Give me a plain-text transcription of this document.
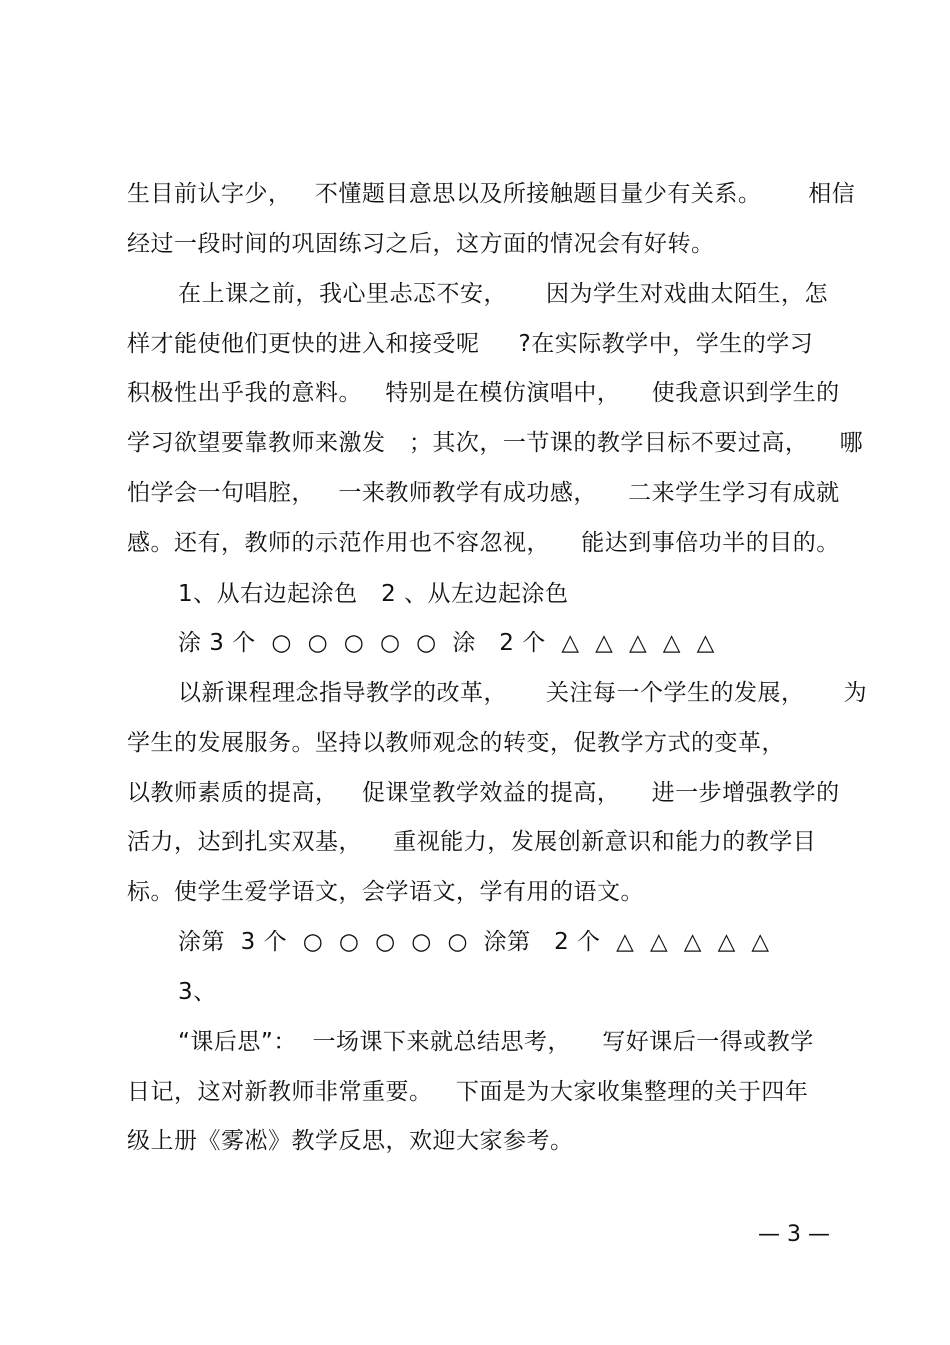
生目前认字少，   不懂题目意思以及所接触题目量少有关系。      相信
经过一段时间的巩固练习之后，这方面的情况会有好转。
在上课之前，我心里忐忑不安，     因为学生对戏曲太陌生，怎
样才能使他们更快的进入和接受呢     ?在实际教学中，学生的学习
积极性出乎我的意料。   特别是在模仿演唱中，    使我意识到学生的
学习欲望要靠教师来激发   ；其次，一节课的教学目标不要过高，    哪
怕学会一句唱腔，   一来教师教学有成功感，    二来学生学习有成就
感。还有，教师的示范作用也不容忽视，    能达到事倍功半的目的。
1、从右边起涂色   2 、从左边起涂色
涂 3 个  ○  ○  ○  ○  ○  涂   2 个  △  △  △  △  △
以新课程理念指导教学的改革，     关注每一个学生的发展，     为
学生的发展服务。坚持以教师观念的转变，促教学方式的变革，
以教师素质的提高，   促课堂教学效益的提高，    进一步增强教学的
活力，达到扎实双基，    重视能力，发展创新意识和能力的教学目
标。使学生爱学语文，会学语文，学有用的语文。
涂第  3 个  ○  ○  ○  ○  ○  涂第   2 个  △  △  △  △  △
3、
“课后思”：  一场课下来就总结思考，    写好课后一得或教学
日记，这对新教师非常重要。   下面是为大家收集整理的关于四年
级上册《雾凇》教学反思，欢迎大家参考。
— 3 —
